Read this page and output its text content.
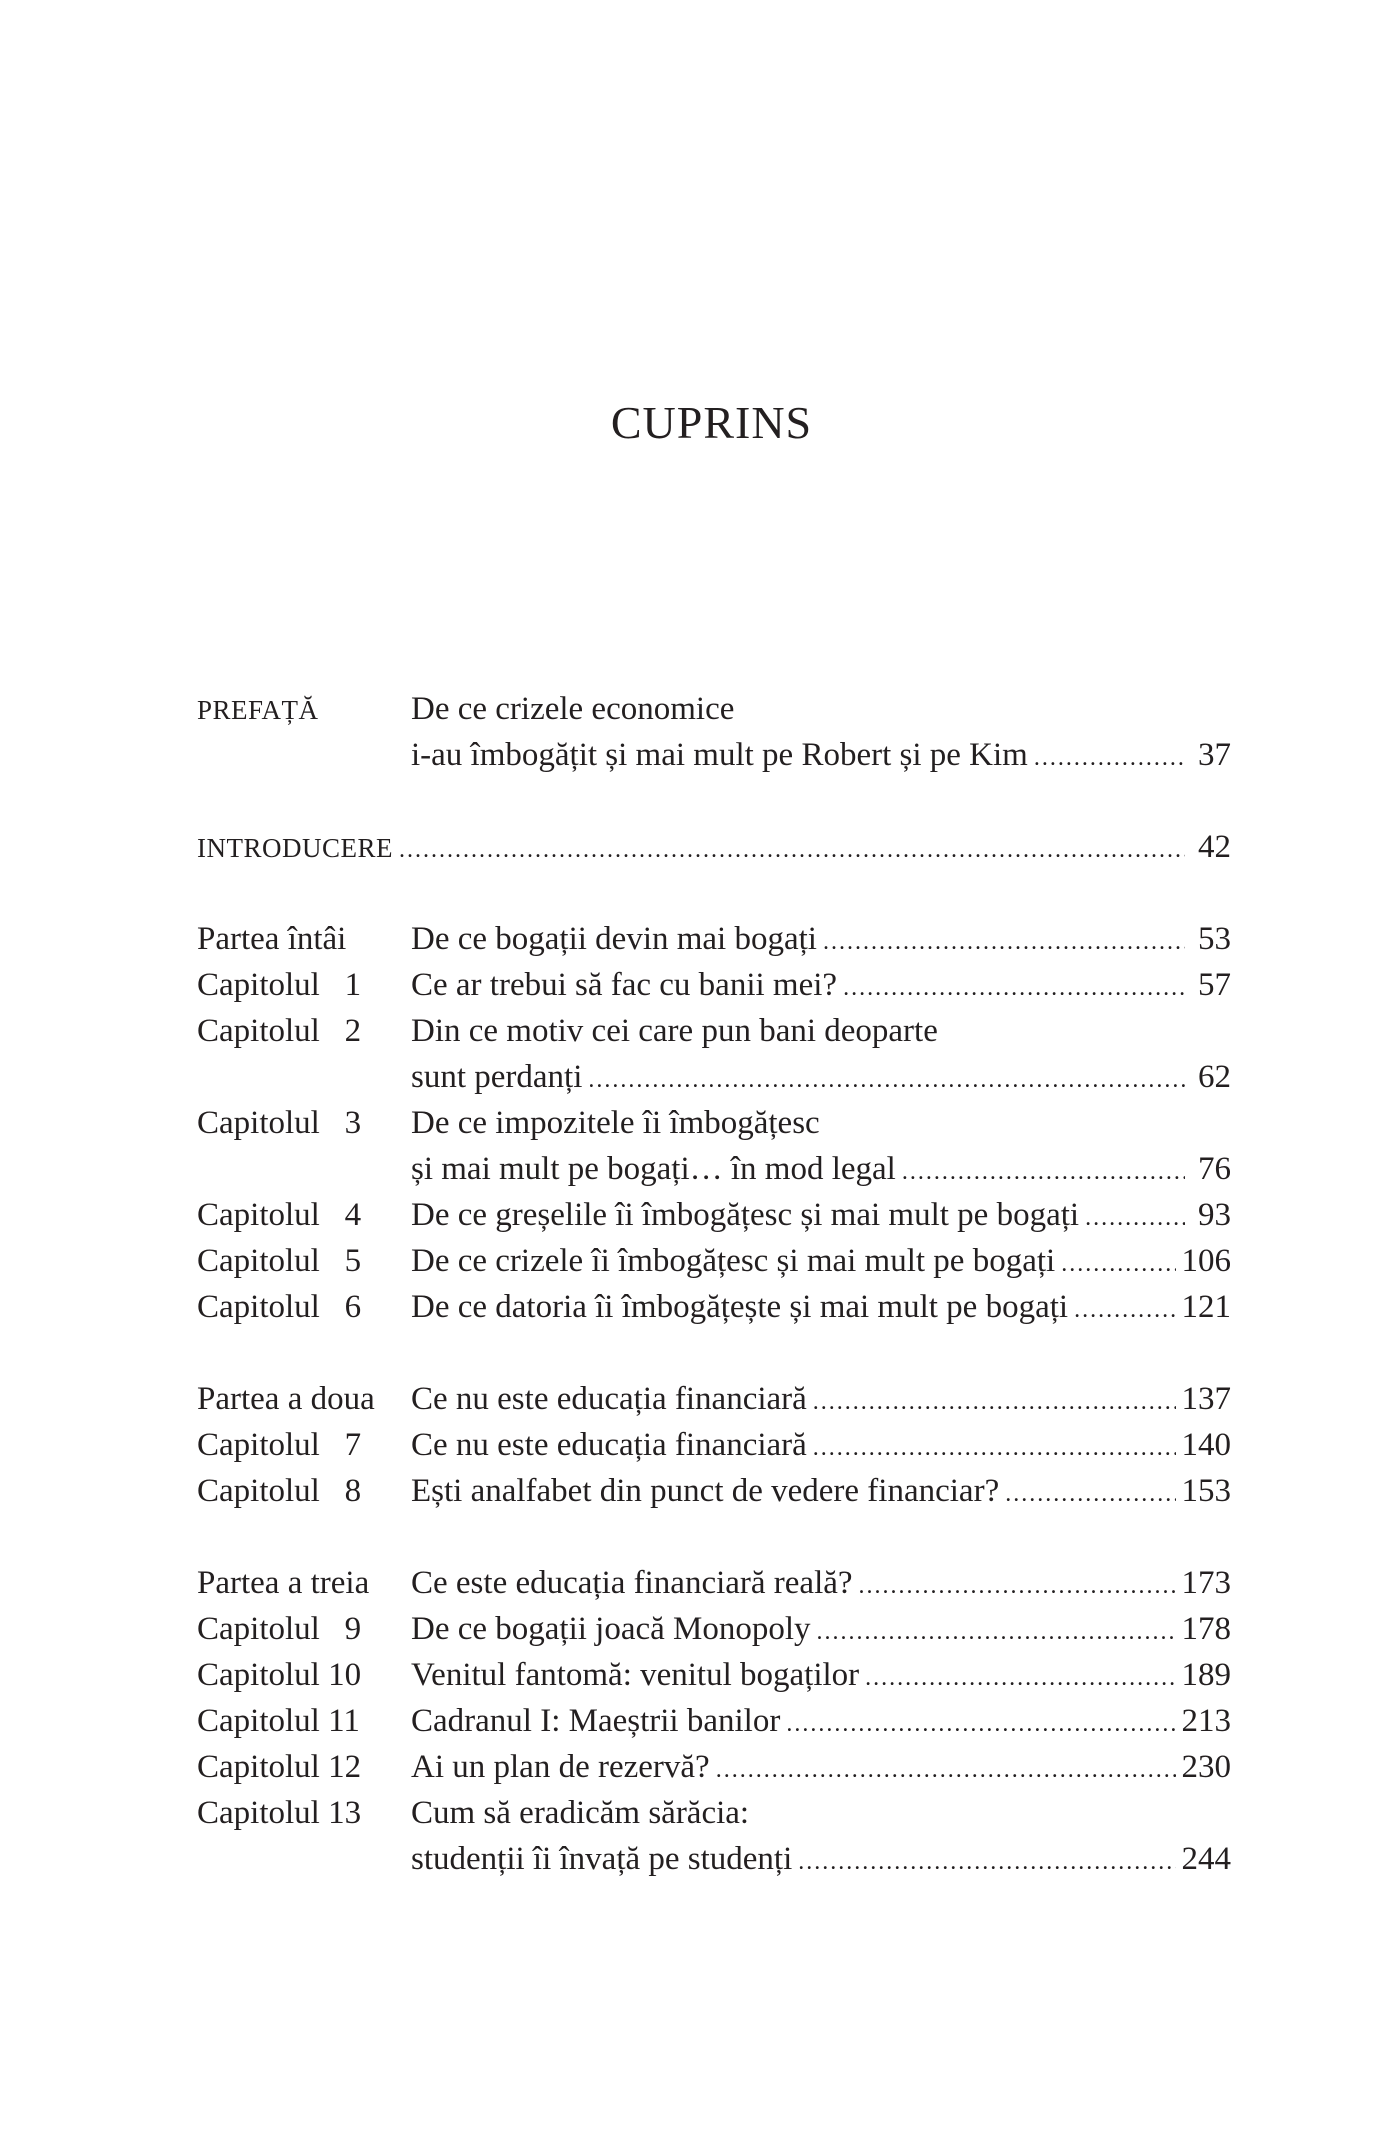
CUPRINS
PREFAȚĂ	De ce crizele economice
i-au îmbogățit și mai mult pe Robert și pe Kim . . .	37
INTRODUCERE . . .	42
Partea întâi	De ce bogații devin mai bogați . . .	53
Capitolul 1	Ce ar trebui să fac cu banii mei? . . .	57
Capitolul 2	Din ce motiv cei care pun bani deoparte
sunt perdanți . . .	62
Capitolul 3	De ce impozitele îi îmbogățesc
și mai mult pe bogați… în mod legal . . .	76
Capitolul 4	De ce greșelile îi îmbogățesc și mai mult pe bogați . . .	93
Capitolul 5	De ce crizele îi îmbogățesc și mai mult pe bogați . . .	106
Capitolul 6	De ce datoria îi îmbogățește și mai mult pe bogați . . .	121
Partea a doua	Ce nu este educația financiară . . .	137
Capitolul 7	Ce nu este educația financiară . . .	140
Capitolul 8	Ești analfabet din punct de vedere financiar? . . .	153
Partea a treia	Ce este educația financiară reală? . . .	173
Capitolul 9	De ce bogații joacă Monopoly . . .	178
Capitolul 10	Venitul fantomă: venitul bogaților . . .	189
Capitolul 11	Cadranul I: Maeștrii banilor . . .	213
Capitolul 12	Ai un plan de rezervă? . . .	230
Capitolul 13	Cum să eradicăm sărăcia:
studenții îi învață pe studenți . . .	244
